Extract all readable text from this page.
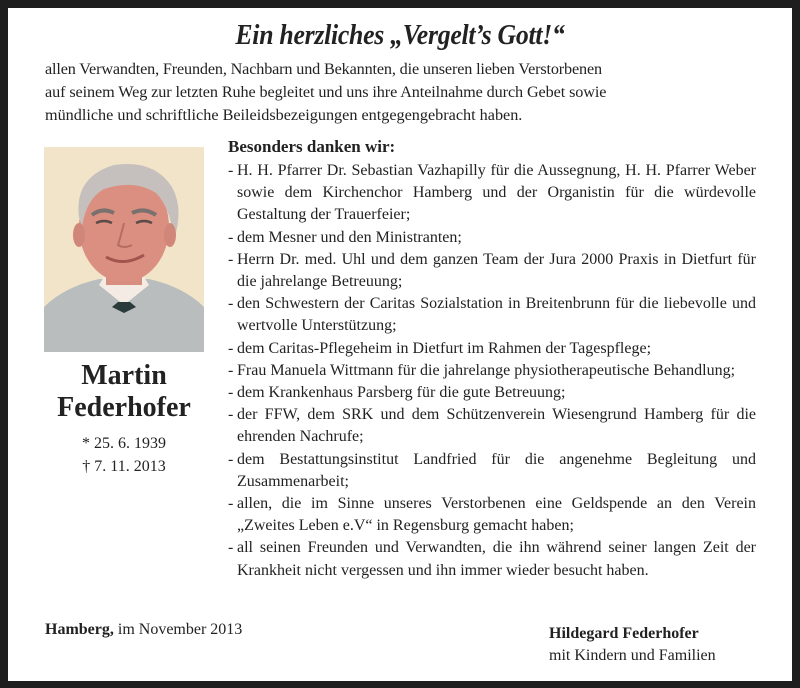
Ein herzliches „Vergelt’s Gott!“
allen Verwandten, Freunden, Nachbarn und Bekannten, die unseren lieben Verstorbenen
auf seinem Weg zur letzten Ruhe begleitet und uns ihre Anteilnahme durch Gebet sowie
mündliche und schriftliche Beileidsbezeigungen entgegengebracht haben.
Martin
Federhofer
* 25. 6. 1939
† 7. 11. 2013
Besonders danken wir:
- H. H. Pfarrer Dr. Sebastian Vazhapilly für die Aussegnung, H. H. Pfarrer Weber sowie dem Kirchenchor Hamberg und der Organistin für die würdevolle Gestaltung der Trauerfeier;
- dem Mesner und den Ministranten;
- Herrn Dr. med. Uhl und dem ganzen Team der Jura 2000 Praxis in Dietfurt für die jahrelange Betreuung;
- den Schwestern der Caritas Sozialstation in Breitenbrunn für die liebevolle und wertvolle Unterstützung;
- dem Caritas-Pflegeheim in Dietfurt im Rahmen der Tagespflege;
- Frau Manuela Wittmann für die jahrelange physiotherapeutische Behandlung;
- dem Krankenhaus Parsberg für die gute Betreuung;
- der FFW, dem SRK und dem Schützenverein Wiesengrund Hamberg für die ehrenden Nachrufe;
- dem Bestattungsinstitut Landfried für die angenehme Begleitung und Zusammenarbeit;
- allen, die im Sinne unseres Verstorbenen eine Geldspende an den Verein „Zweites Leben e.V“ in Regensburg gemacht haben;
- all seinen Freunden und Verwandten, die ihn während seiner langen Zeit der Krankheit nicht vergessen und ihn immer wieder besucht haben.
Hamberg, im November 2013	Hildegard Federhofer
mit Kindern und Familien
